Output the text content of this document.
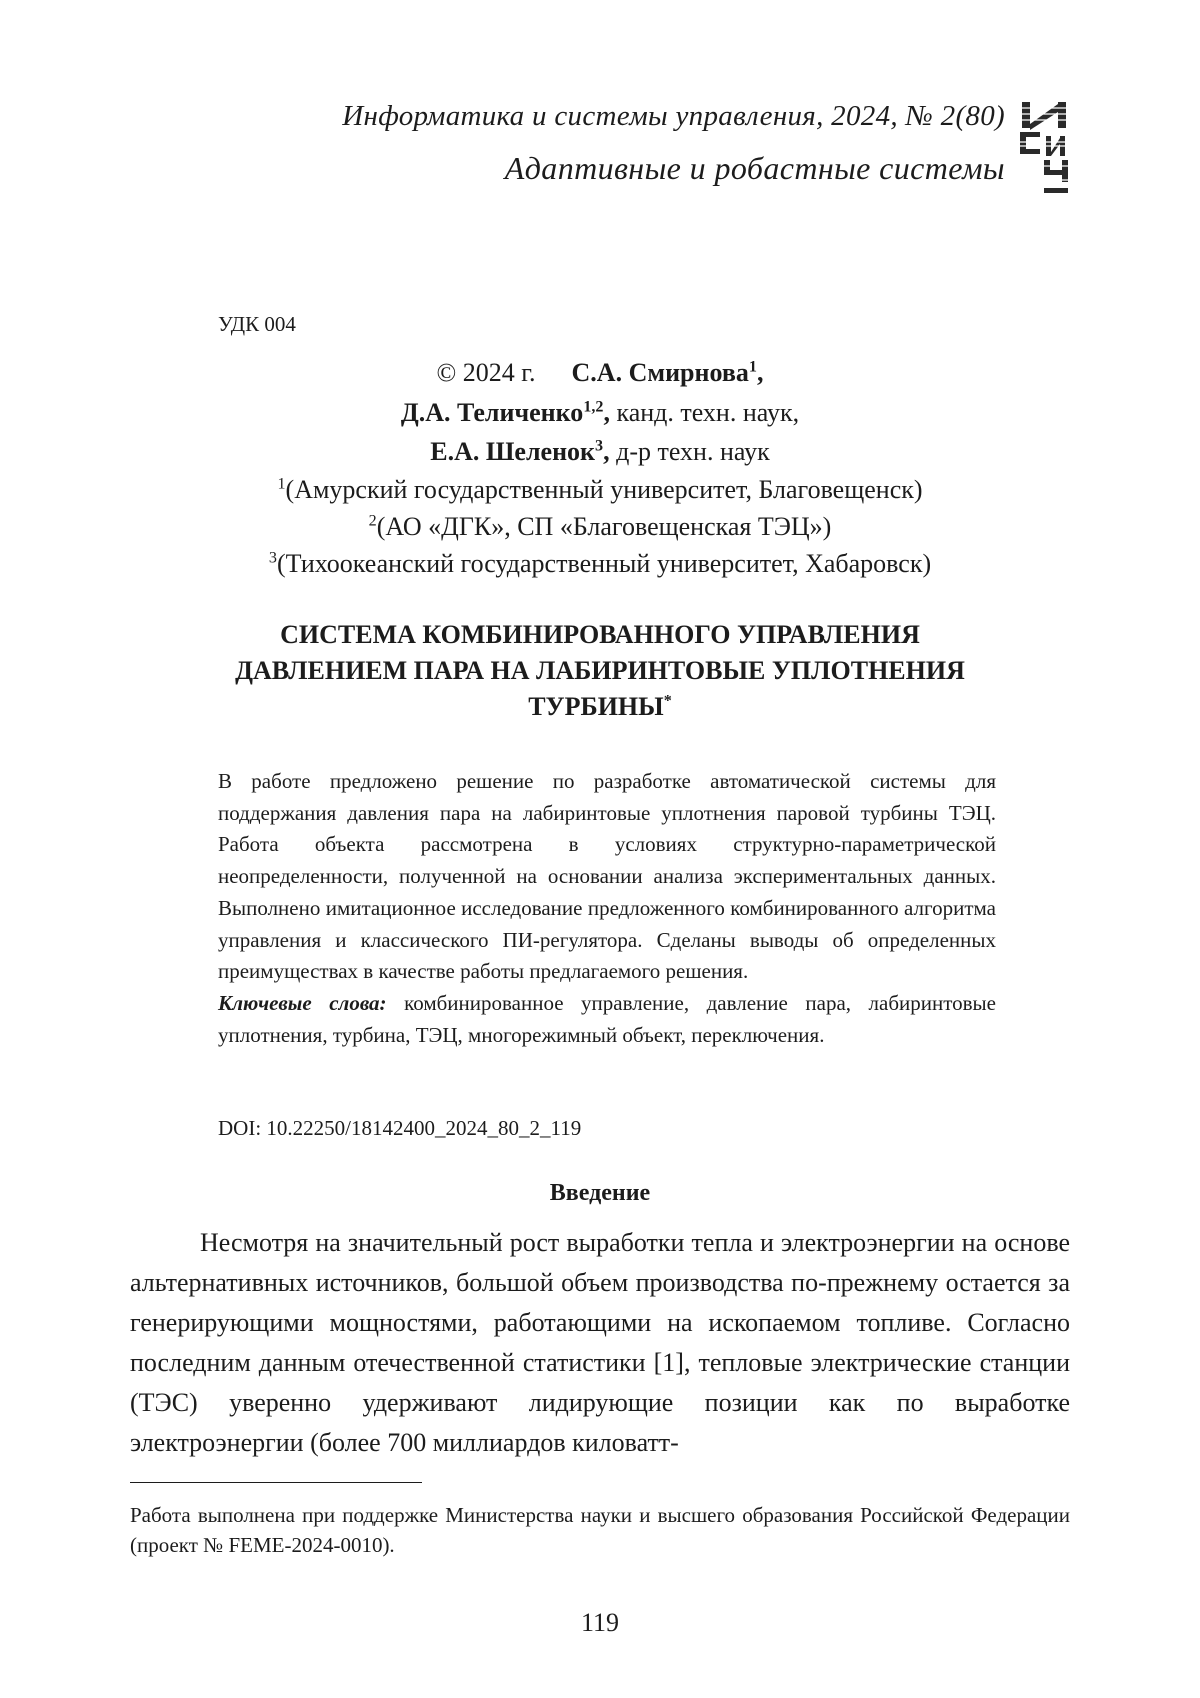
Информатика и системы управления, 2024, № 2(80)
Адаптивные и робастные системы
УДК 004
© 2024 г. С.А. Смирнова$^1$,
Д.А. Теличенко$^{1,2}$, канд. техн. наук,
Е.А. Шеленок$^3$, д-р техн. наук
$^1$(Амурский государственный университет, Благовещенск)
$^2$(АО «ДГК», СП «Благовещенская ТЭЦ»)
$^3$(Тихоокеанский государственный университет, Хабаровск)
СИСТЕМА КОМБИНИРОВАННОГО УПРАВЛЕНИЯ
ДАВЛЕНИЕМ ПАРА НА ЛАБИРИНТОВЫЕ УПЛОТНЕНИЯ
ТУРБИНЫ*

В работе предложено решение по разработке автоматической системы для поддержания давления пара на лабиринтовые уплотнения паровой турбины ТЭЦ. Работа объекта рассмотрена в условиях структурно-параметрической неопределенности, полученной на основании анализа экспериментальных данных. Выполнено имитационное исследование предложенного комбинированного алгоритма управления и классического ПИ-регулятора. Сделаны выводы об определенных преимуществах в качестве работы предлагаемого решения.

Ключевые слова: комбинированное управление, давление пара, лабиринтовые уплотнения, турбина, ТЭЦ, многорежимный объект, переключения.

DOI: 10.22250/18142400_2024_80_2_119
Введение

Несмотря на значительный рост выработки тепла и электроэнергии на основе альтернативных источников, большой объем производства по-прежнему остается за генерирующими мощностями, работающими на ископаемом топливе. Согласно последним данным отечественной статистики [1], тепловые электрические станции (ТЭС) уверенно удерживают лидирующие позиции как по выработке электроэнергии (более 700 миллиардов киловатт-

Работа выполнена при поддержке Министерства науки и высшего образования Российской Федерации (проект № FEME-2024-0010).
119
